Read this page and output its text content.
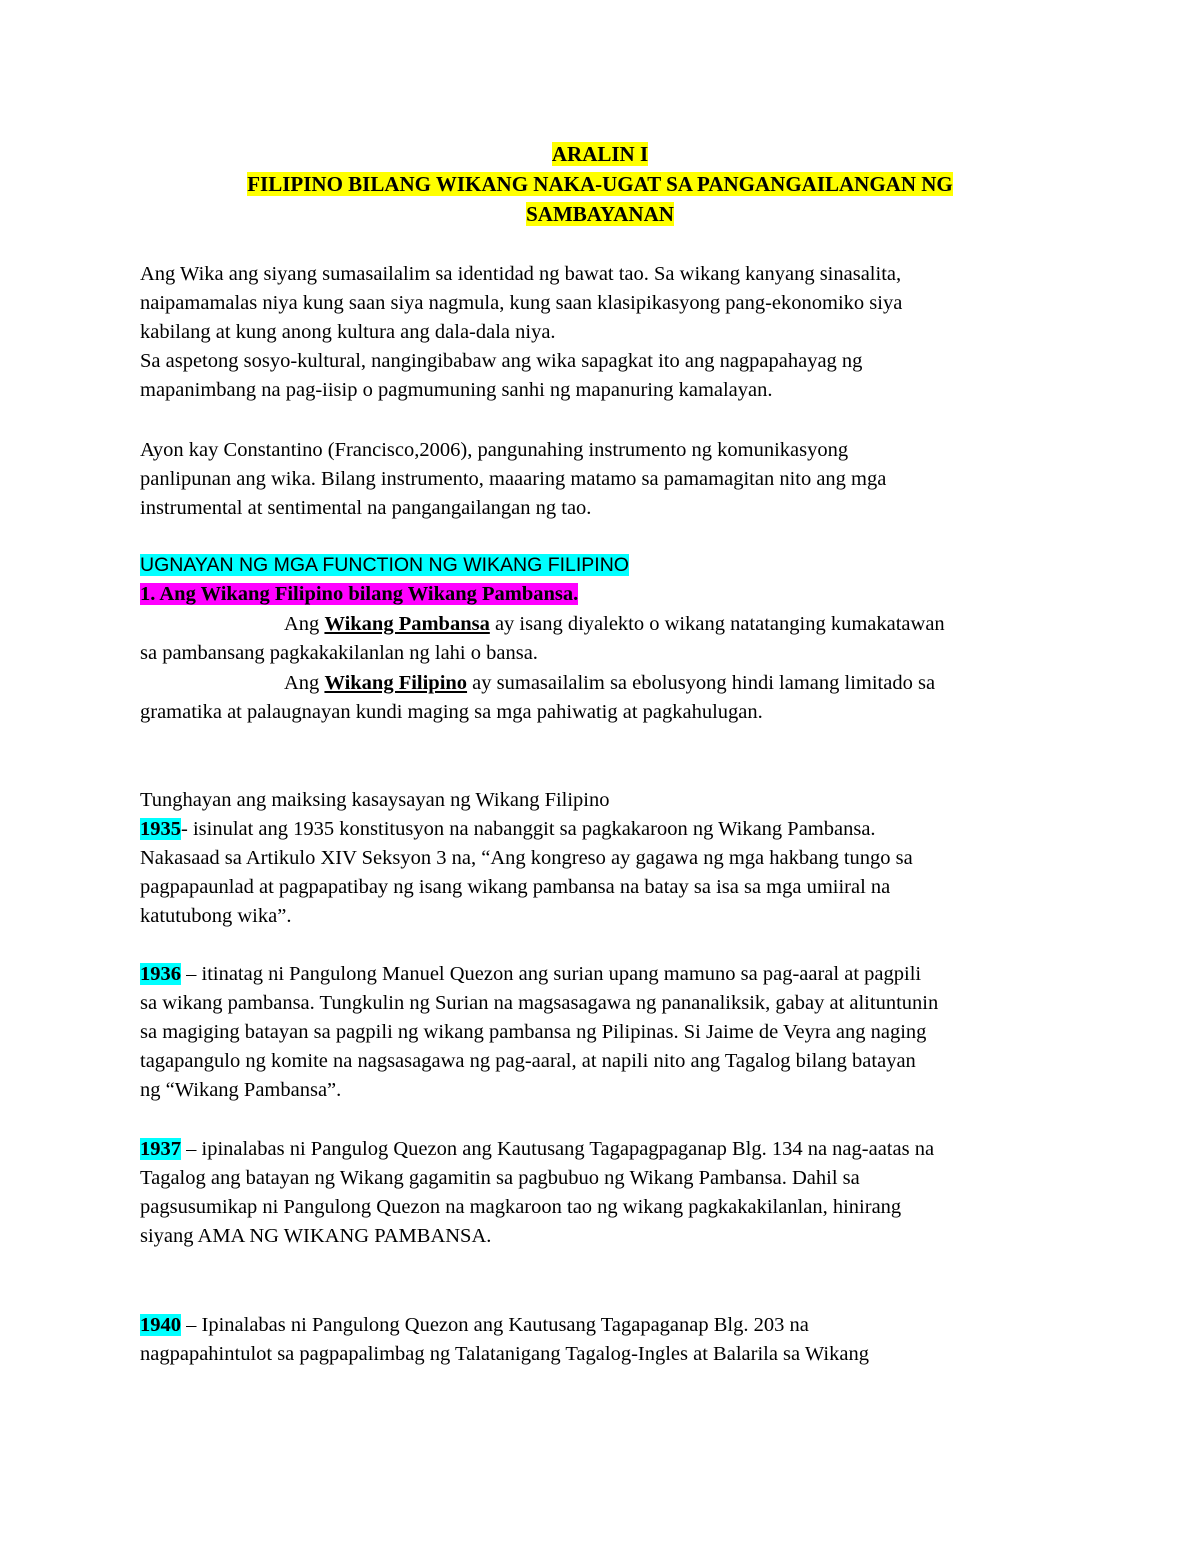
ARALIN I
FILIPINO BILANG WIKANG NAKA-UGAT SA PANGANGAILANGAN NG
SAMBAYANAN
Ang Wika ang siyang sumasailalim sa identidad ng bawat tao. Sa wikang kanyang sinasalita,
naipamamalas niya kung saan siya nagmula, kung saan klasipikasyong pang-ekonomiko siya
kabilang at kung anong kultura ang dala-dala niya.
Sa aspetong sosyo-kultural, nangingibabaw ang wika sapagkat ito ang nagpapahayag ng
mapanimbang na pag-iisip o pagmumuning sanhi ng mapanuring kamalayan.
Ayon kay Constantino (Francisco,2006), pangunahing instrumento ng komunikasyong
panlipunan ang wika. Bilang instrumento, maaaring matamo sa pamamagitan nito ang mga
instrumental at sentimental na pangangailangan ng tao.
UGNAYAN NG MGA FUNCTION NG WIKANG FILIPINO
1. Ang Wikang Filipino bilang Wikang Pambansa.
Ang Wikang Pambansa ay isang diyalekto o wikang natatanging kumakatawan
sa pambansang pagkakakilanlan ng lahi o bansa.
Ang Wikang Filipino ay sumasailalim sa ebolusyong hindi lamang limitado sa
gramatika at palaugnayan kundi maging sa mga pahiwatig at pagkahulugan.
Tunghayan ang maiksing kasaysayan ng Wikang Filipino
1935- isinulat ang 1935 konstitusyon na nabanggit sa pagkakaroon ng Wikang Pambansa.
Nakasaad sa Artikulo XIV Seksyon 3 na, “Ang kongreso ay gagawa ng mga hakbang tungo sa
pagpapaunlad at pagpapatibay ng isang wikang pambansa na batay sa isa sa mga umiiral na
katutubong wika”.
1936 – itinatag ni Pangulong Manuel Quezon ang surian upang mamuno sa pag-aaral at pagpili
sa wikang pambansa. Tungkulin ng Surian na magsasagawa ng pananaliksik, gabay at alituntunin
sa magiging batayan sa pagpili ng wikang pambansa ng Pilipinas. Si Jaime de Veyra ang naging
tagapangulo ng komite na nagsasagawa ng pag-aaral, at napili nito ang Tagalog bilang batayan
ng “Wikang Pambansa”.
1937 – ipinalabas ni Pangulog Quezon ang Kautusang Tagapagpaganap Blg. 134 na nag-aatas na
Tagalog ang batayan ng Wikang gagamitin sa pagbubuo ng Wikang Pambansa. Dahil sa
pagsusumikap ni Pangulong Quezon na magkaroon tao ng wikang pagkakakilanlan, hinirang
siyang AMA NG WIKANG PAMBANSA.
1940 – Ipinalabas ni Pangulong Quezon ang Kautusang Tagapaganap Blg. 203 na
nagpapahintulot sa pagpapalimbag ng Talatanigang Tagalog-Ingles at Balarila sa Wikang
